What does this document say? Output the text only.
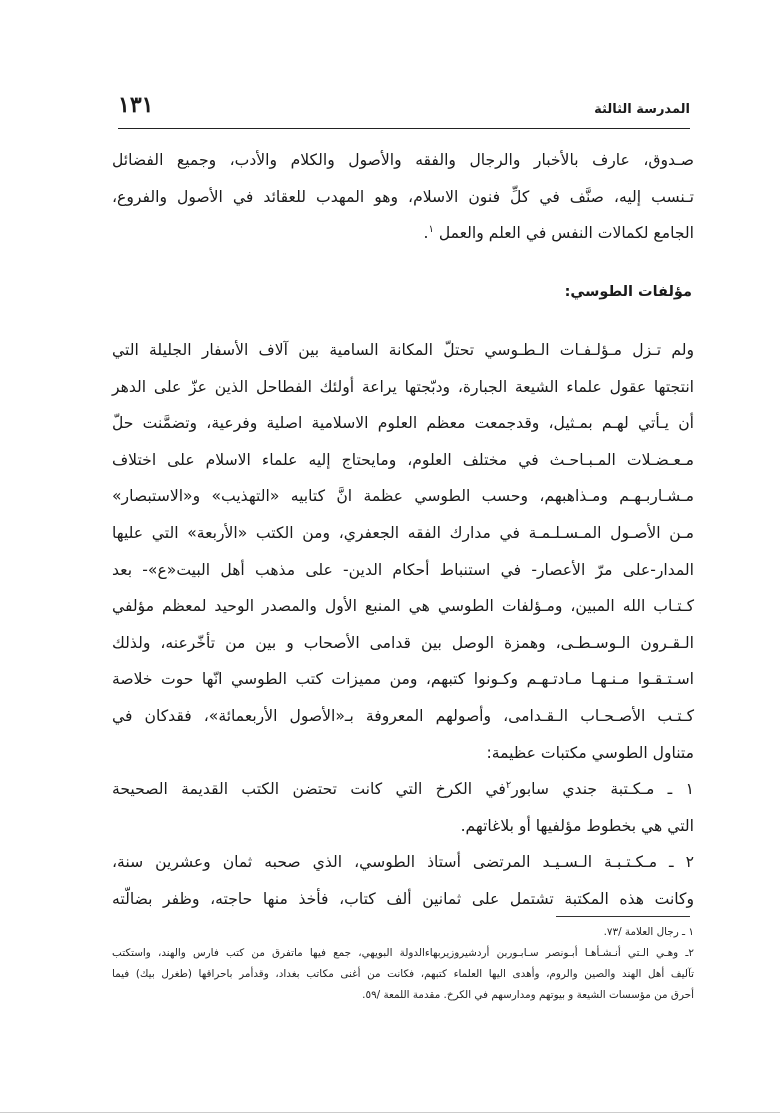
١٣١	المدرسة الثالثة
صـدوق، عارف بالأخبار والرجال والفقه والأصول والكلام والأدب، وجميع الفضائل
تـنسب إليه، صنَّف في كلِّ فنون الاسلام، وهو المهدب للعقائد في الأصول والفروع،
الجامع لكمالات النفس في العلم والعمل $^١$.
مؤلفات الطوسي:
ولم تـزل مـؤلـفـات الـطـوسي تحتلّ المكانة السامية بين آلاف الأسفار الجليلة التي
انتجتها عقول علماء الشيعة الجبارة، ودبّجتها يراعة أولئك الفطاحل الذين عزّ على الدهر
أن يـأتي لهـم بمـثيل، وقدجمعت معظم العلوم الاسلامية اصلية وفرعية، وتضمَّنت حلّ
مـعـضـلات المـبـاحـث في مختلف العلوم، ومايحتاج إليه علماء الاسلام على اختلاف
مـشـاربـهـم ومـذاهبهم، وحسب الطوسي عظمة انَّ كتابيه «التهذيب» و«الاستبصار»
مـن الأصـول المـسـلـمـة في مدارك الفقه الجعفري، ومن الكتب «الأربعة» التي عليها
المدار-على مرّ الأعصار- في استنباط أحكام الدين- على مذهب أهل البيت«ع»- بعد
كـتـاب الله المبين، ومـؤلفات الطوسي هي المنبع الأول والمصدر الوحيد لمعظم مؤلفي
الـقـرون الـوسـطـى، وهمزة الوصل بين قدامى الأصحاب و بين من تأخّرعنه، ولذلك
اسـتـقـوا مـنـهـا مـادتـهـم وكـونوا كتبهم، ومن مميزات كتب الطوسي انّها حوت خلاصة
كـتـب الأصـحـاب الـقـدامى، وأصولهم المعروفة بـ«الأصول الأربعمائة»، فقدكان في
متناول الطوسي مكتبات عظيمة:
١ ـ مـكـتبة جندي سابور$^٢$في الكرخ التي كانت تحتضن الكتب القديمة الصحيحة
التي هي بخطوط مؤلفيها أو بلاغاتهم.
٢ ـ مـكـتـبـة الـسـيـد المرتضى أستاذ الطوسي، الذي صحبه ثمان وعشرين سنة،
وكانت هذه المكتبة تشتمل على ثمانين ألف كتاب، فأخذ منها حاجته، وظفر بضالّته
١ ـ رجال العلامة /٧٣.
٢ـ وهـي الـتي أنـشـأهـا أبـونصر سـابـوربن أردشيروزيربهاءالدولة البويهي، جمع فيها ماتفرق من كتب فارس والهند، واستكتب
تآليف أهل الهند والصين والروم، وأهدى اليها العلماء كتبهم، فكانت من أغنى مكاتب بغداد، وقدأمر باحراقها (طغرل بيك) فيما
أحرق من مؤسسات الشيعة و بيوتهم ومدارسهم في الكرخ. مقدمة اللمعة /٥٩.
